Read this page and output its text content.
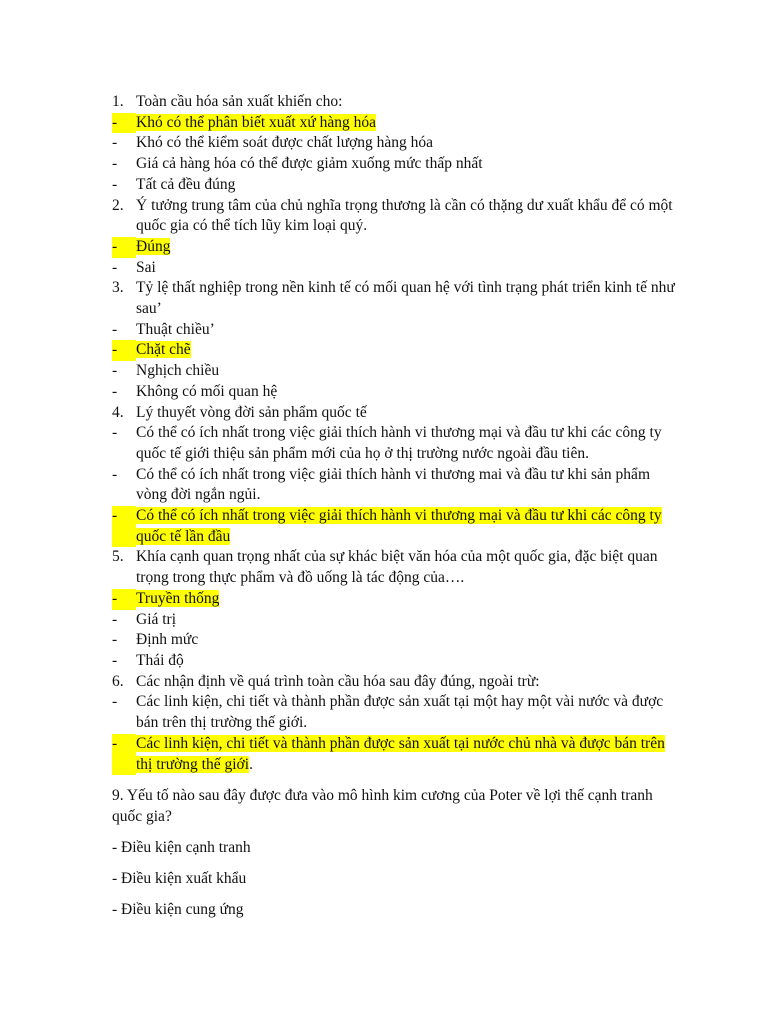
1. Toàn cầu hóa sản xuất khiến cho:
-	Khó có thể phân biết xuất xứ hàng hóa
-	Khó có thể kiểm soát được chất lượng hàng hóa
-	Giá cả hàng hóa có thể được giảm xuống mức thấp nhất
-	Tất cả đều đúng
2. Ý tưởng trung tâm của chủ nghĩa trọng thương là cần có thặng dư xuất khẩu để có một quốc gia có thể tích lũy kim loại quý.
-	Đúng
-	Sai
3. Tỷ lệ thất nghiệp trong nền kinh tế có mối quan hệ với tình trạng phát triển kinh tế như sau’
-	Thuật chiều’
-	Chặt chẽ
-	Nghịch chiều
-	Không có mối quan hệ
4. Lý thuyết vòng đời sản phẩm quốc tế
-	Có thể có ích nhất trong việc giải thích hành vi thương mại và đầu tư khi các công ty quốc tế giới thiệu sản phẩm mới của họ ở thị trường nước ngoài đầu tiên.
-	Có thể có ích nhất trong việc giải thích hành vi thương mai và đầu tư khi sản phẩm vòng đời ngắn ngủi.
-	Có thể có ích nhất trong việc giải thích hành vi thương mại và đầu tư khi các công ty quốc tế lần đầu
5. Khía cạnh quan trọng nhất của sự khác biệt văn hóa của một quốc gia, đặc biệt quan trọng trong thực phẩm và đồ uống là tác động của….
-	Truyền thống
-	Giá trị
-	Định mức
-	Thái độ
6. Các nhận định về quá trình toàn cầu hóa sau đây đúng, ngoài trừ:
-	Các linh kiện, chi tiết và thành phần được sản xuất tại một hay một vài nước và được bán trên thị trường thế giới.
-	Các linh kiện, chi tiết và thành phần được sản xuất tại nước chủ nhà và được bán trên thị trường thế giới.
9. Yếu tố nào sau đây được đưa vào mô hình kim cương của Poter về lợi thế cạnh tranh quốc gia?
- Điều kiện cạnh tranh
- Điều kiện xuất khẩu
- Điều kiện cung ứng
